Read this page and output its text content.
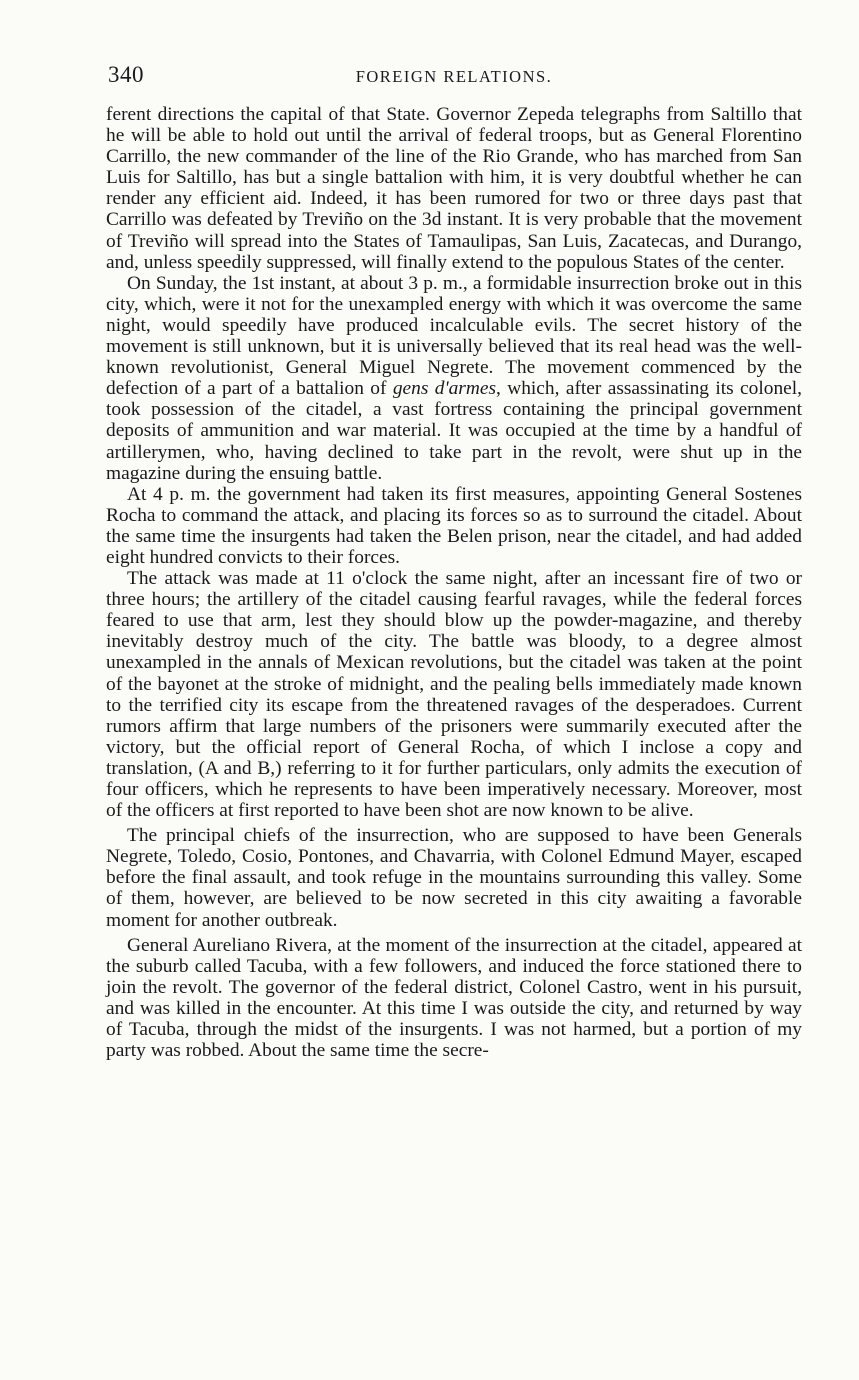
340	FOREIGN RELATIONS.

ferent directions the capital of that State. Governor Zepeda telegraphs from Saltillo that he will be able to hold out until the arrival of federal troops, but as General Florentino Carrillo, the new commander of the line of the Rio Grande, who has marched from San Luis for Saltillo, has but a single battalion with him, it is very doubtful whether he can render any efficient aid. Indeed, it has been rumored for two or three days past that Carrillo was defeated by Treviño on the 3d instant. It is very probable that the movement of Treviño will spread into the States of Tamaulipas, San Luis, Zacatecas, and Durango, and, unless speedily suppressed, will finally extend to the populous States of the center.

On Sunday, the 1st instant, at about 3 p. m., a formidable insurrection broke out in this city, which, were it not for the unexampled energy with which it was overcome the same night, would speedily have produced incalculable evils. The secret history of the movement is still unknown, but it is universally believed that its real head was the well-known revolutionist, General Miguel Negrete. The movement commenced by the defection of a part of a battalion of gens d'armes, which, after assassinating its colonel, took possession of the citadel, a vast fortress containing the principal government deposits of ammunition and war material. It was occupied at the time by a handful of artillerymen, who, having declined to take part in the revolt, were shut up in the magazine during the ensuing battle.

At 4 p. m. the government had taken its first measures, appointing General Sostenes Rocha to command the attack, and placing its forces so as to surround the citadel. About the same time the insurgents had taken the Belen prison, near the citadel, and had added eight hundred convicts to their forces.

The attack was made at 11 o'clock the same night, after an incessant fire of two or three hours; the artillery of the citadel causing fearful ravages, while the federal forces feared to use that arm, lest they should blow up the powder-magazine, and thereby inevitably destroy much of the city. The battle was bloody, to a degree almost unexampled in the annals of Mexican revolutions, but the citadel was taken at the point of the bayonet at the stroke of midnight, and the pealing bells immediately made known to the terrified city its escape from the threatened ravages of the desperadoes. Current rumors affirm that large numbers of the prisoners were summarily executed after the victory, but the official report of General Rocha, of which I inclose a copy and translation, (A and B,) referring to it for further particulars, only admits the execution of four officers, which he represents to have been imperatively necessary. Moreover, most of the officers at first reported to have been shot are now known to be alive.

The principal chiefs of the insurrection, who are supposed to have been Generals Negrete, Toledo, Cosio, Pontones, and Chavarria, with Colonel Edmund Mayer, escaped before the final assault, and took refuge in the mountains surrounding this valley. Some of them, however, are believed to be now secreted in this city awaiting a favorable moment for another outbreak.

General Aureliano Rivera, at the moment of the insurrection at the citadel, appeared at the suburb called Tacuba, with a few followers, and induced the force stationed there to join the revolt. The governor of the federal district, Colonel Castro, went in his pursuit, and was killed in the encounter. At this time I was outside the city, and returned by way of Tacuba, through the midst of the insurgents. I was not harmed, but a portion of my party was robbed. About the same time the secre-
